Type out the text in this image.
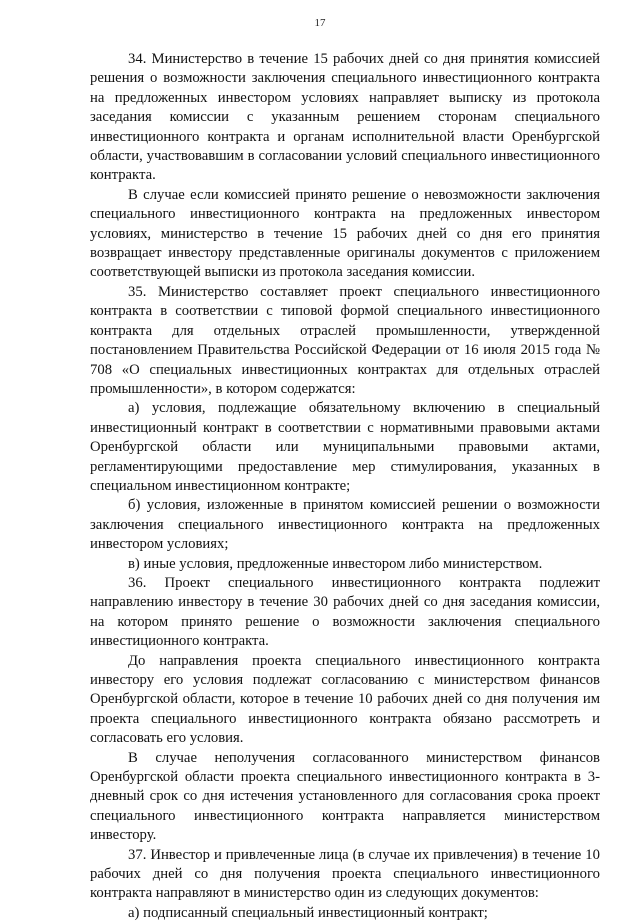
17

34. Министерство в течение 15 рабочих дней со дня принятия комиссией решения о возможности заключения специального инвестиционного контракта на предложенных инвестором условиях направляет выписку из протокола заседания комиссии с указанным решением сторонам специального инвестиционного контракта и органам исполнительной власти Оренбургской области, участвовавшим в согласовании условий специального инвестиционного контракта.

В случае если комиссией принято решение о невозможности заключения специального инвестиционного контракта на предложенных инвестором условиях, министерство в течение 15 рабочих дней со дня его принятия возвращает инвестору представленные оригиналы документов с приложением соответствующей выписки из протокола заседания комиссии.

35. Министерство составляет проект специального инвестиционного контракта в соответствии с типовой формой специального инвестиционного контракта для отдельных отраслей промышленности, утвержденной постановлением Правительства Российской Федерации от 16 июля 2015 года № 708 «О специальных инвестиционных контрактах для отдельных отраслей промышленности», в котором содержатся:

а) условия, подлежащие обязательному включению в специальный инвестиционный контракт в соответствии с нормативными правовыми актами Оренбургской области или муниципальными правовыми актами, регламентирующими предоставление мер стимулирования, указанных в специальном инвестиционном контракте;

б) условия, изложенные в принятом комиссией решении о возможности заключения специального инвестиционного контракта на предложенных инвестором условиях;

в) иные условия, предложенные инвестором либо министерством.

36. Проект специального инвестиционного контракта подлежит направлению инвестору в течение 30 рабочих дней со дня заседания комиссии, на котором принято решение о возможности заключения специального инвестиционного контракта.

До направления проекта специального инвестиционного контракта инвестору его условия подлежат согласованию с министерством финансов Оренбургской области, которое в течение 10 рабочих дней со дня получения им проекта специального инвестиционного контракта обязано рассмотреть и согласовать его условия.

В случае неполучения согласованного министерством финансов Оренбургской области проекта специального инвестиционного контракта в 3-дневный срок со дня истечения установленного для согласования срока проект специального инвестиционного контракта направляется министерством инвестору.

37. Инвестор и привлеченные лица (в случае их привлечения) в течение 10 рабочих дней со дня получения проекта специального инвестиционного контракта направляют в министерство один из следующих документов:

а) подписанный специальный инвестиционный контракт;
